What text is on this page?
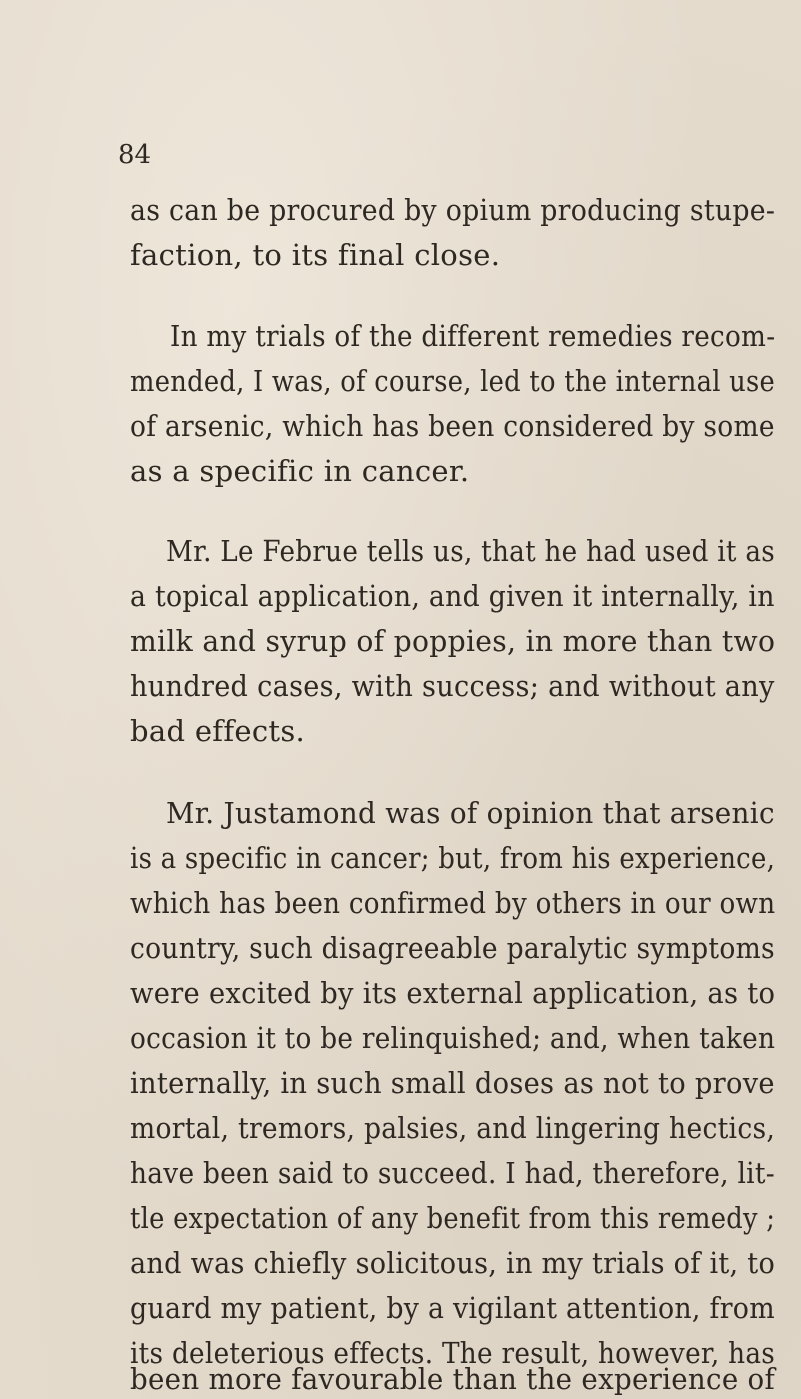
84
as can be procured by opium producing stupe-
faction, to its final close.
In my trials of the different remedies recom-
mended, I was, of course, led to the internal use
of arsenic, which has been considered by some
as a specific in cancer.
Mr. Le Februe tells us, that he had used it as
a topical application, and given it internally, in
milk and syrup of poppies, in more than two
hundred cases, with success; and without any
bad effects.
Mr. Justamond was of opinion that arsenic
is a specific in cancer; but, from his experience,
which has been confirmed by others in our own
country, such disagreeable paralytic symptoms
were excited by its external application, as to
occasion it to be relinquished; and, when taken
internally, in such small doses as not to prove
mortal, tremors, palsies, and lingering hectics,
have been said to succeed. I had, therefore, lit-
tle expectation of any benefit from this remedy ;
and was chiefly solicitous, in my trials of it, to
guard my patient, by a vigilant attention, from
its deleterious effects. The result, however, has
been more favourable than the experience of
